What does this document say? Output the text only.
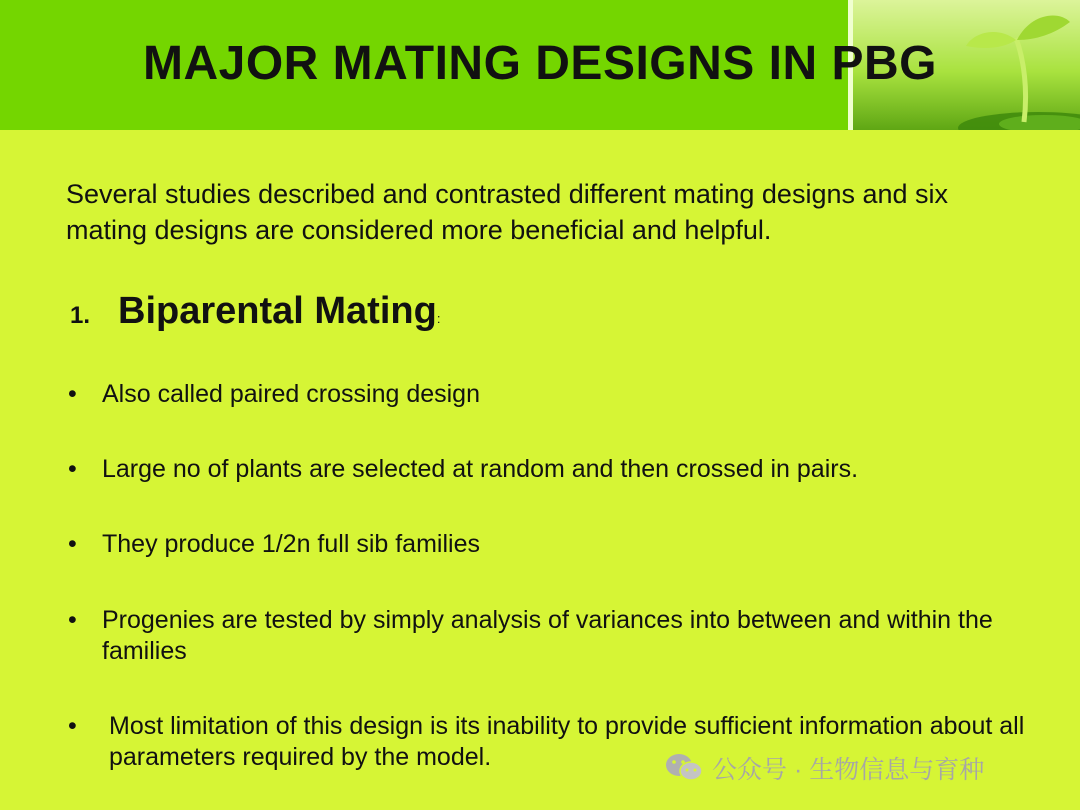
MAJOR MATING DESIGNS IN PBG

Several studies described and contrasted different mating designs and six mating designs are considered more beneficial and helpful.

1. Biparental Mating:
•	Also called paired crossing design
•	Large no of plants are selected at random and then crossed in pairs.
•	They produce 1/2n full sib families
•	Progenies are tested by simply analysis of variances into between and within the families
•	Most limitation of this design is its inability to provide sufficient information about all parameters required by the model.	公众号 · 生物信息与育种
